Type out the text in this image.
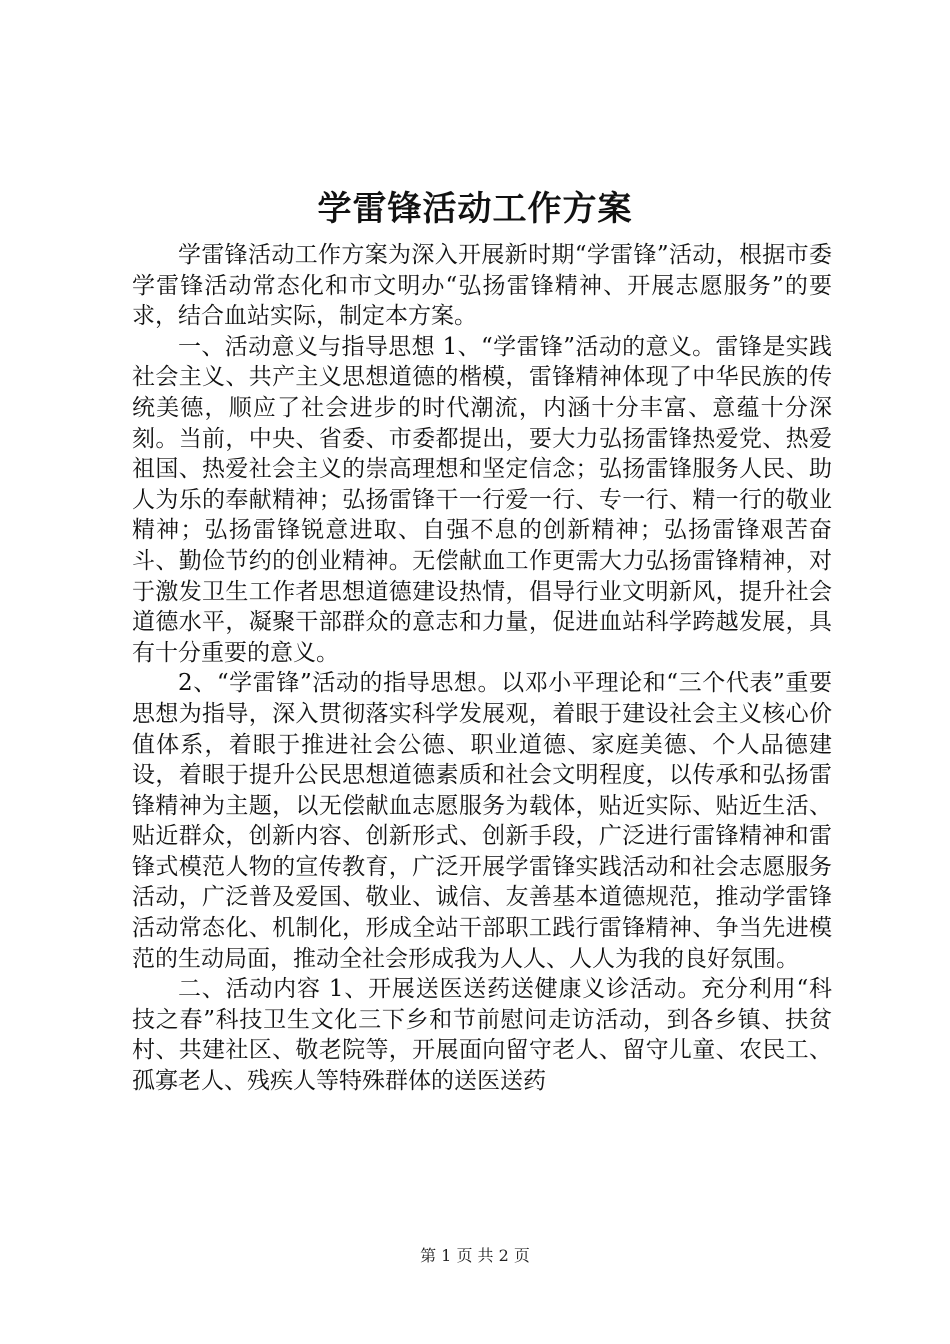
学雷锋活动工作方案

学雷锋活动工作方案为深入开展新时期“学雷锋”活动，根据市委学雷锋活动常态化和市文明办“弘扬雷锋精神、开展志愿服务”的要求，结合血站实际，制定本方案。

一、活动意义与指导思想 1、“学雷锋”活动的意义。雷锋是实践社会主义、共产主义思想道德的楷模，雷锋精神体现了中华民族的传统美德，顺应了社会进步的时代潮流，内涵十分丰富、意蕴十分深刻。当前，中央、省委、市委都提出，要大力弘扬雷锋热爱党、热爱祖国、热爱社会主义的崇高理想和坚定信念；弘扬雷锋服务人民、助人为乐的奉献精神；弘扬雷锋干一行爱一行、专一行、精一行的敬业精神；弘扬雷锋锐意进取、自强不息的创新精神；弘扬雷锋艰苦奋斗、勤俭节约的创业精神。无偿献血工作更需大力弘扬雷锋精神，对于激发卫生工作者思想道德建设热情，倡导行业文明新风，提升社会道德水平，凝聚干部群众的意志和力量，促进血站科学跨越发展，具有十分重要的意义。

2、“学雷锋”活动的指导思想。以邓小平理论和“三个代表”重要思想为指导，深入贯彻落实科学发展观，着眼于建设社会主义核心价值体系，着眼于推进社会公德、职业道德、家庭美德、个人品德建设，着眼于提升公民思想道德素质和社会文明程度，以传承和弘扬雷锋精神为主题，以无偿献血志愿服务为载体，贴近实际、贴近生活、贴近群众，创新内容、创新形式、创新手段，广泛进行雷锋精神和雷锋式模范人物的宣传教育，广泛开展学雷锋实践活动和社会志愿服务活动，广泛普及爱国、敬业、诚信、友善基本道德规范，推动学雷锋活动常态化、机制化，形成全站干部职工践行雷锋精神、争当先进模范的生动局面，推动全社会形成我为人人、人人为我的良好氛围。

二、活动内容 1、开展送医送药送健康义诊活动。充分利用“科技之春”科技卫生文化三下乡和节前慰问走访活动，到各乡镇、扶贫村、共建社区、敬老院等，开展面向留守老人、留守儿童、农民工、孤寡老人、残疾人等特殊群体的送医送药

第 1 页 共 2 页
